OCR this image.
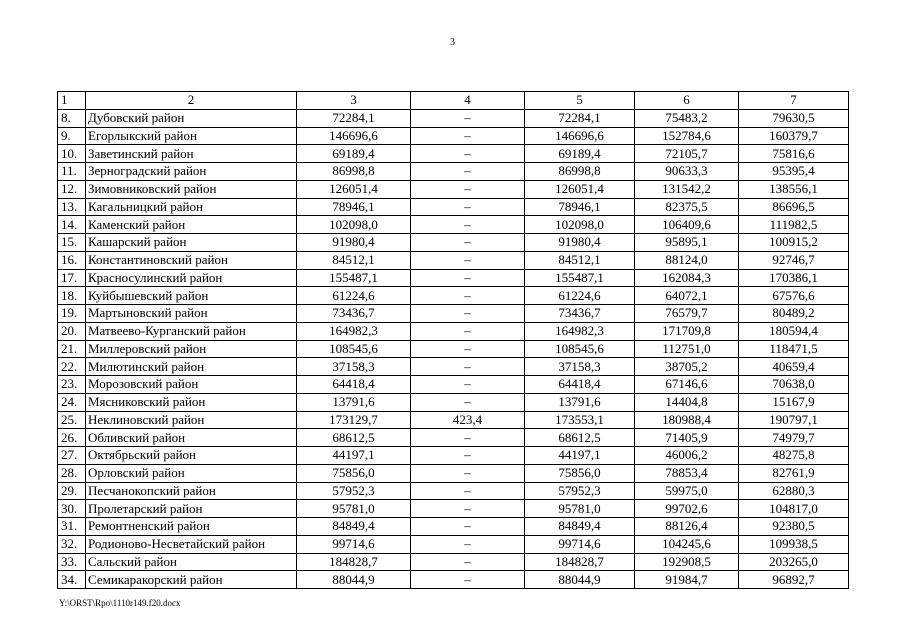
3
1	2	3	4	5	6	7
8.	Дубовский район	72284,1	–	72284,1	75483,2	79630,5
9.	Егорлыкский район	146696,6	–	146696,6	152784,6	160379,7
10.	Заветинский район	69189,4	–	69189,4	72105,7	75816,6
11.	Зерноградский район	86998,8	–	86998,8	90633,3	95395,4
12.	Зимовниковский район	126051,4	–	126051,4	131542,2	138556,1
13.	Кагальницкий район	78946,1	–	78946,1	82375,5	86696,5
14.	Каменский район	102098,0	–	102098,0	106409,6	111982,5
15.	Кашарский район	91980,4	–	91980,4	95895,1	100915,2
16.	Константиновский район	84512,1	–	84512,1	88124,0	92746,7
17.	Красносулинский район	155487,1	–	155487,1	162084,3	170386,1
18.	Куйбышевский район	61224,6	–	61224,6	64072,1	67576,6
19.	Мартыновский район	73436,7	–	73436,7	76579,7	80489,2
20.	Матвеево-Курганский район	164982,3	–	164982,3	171709,8	180594,4
21.	Миллеровский район	108545,6	–	108545,6	112751,0	118471,5
22.	Милютинский район	37158,3	–	37158,3	38705,2	40659,4
23.	Морозовский район	64418,4	–	64418,4	67146,6	70638,0
24.	Мясниковский район	13791,6	–	13791,6	14404,8	15167,9
25.	Неклиновский район	173129,7	423,4	173553,1	180988,4	190797,1
26.	Обливский район	68612,5	–	68612,5	71405,9	74979,7
27.	Октябрьский район	44197,1	–	44197,1	46006,2	48275,8
28.	Орловский район	75856,0	–	75856,0	78853,4	82761,9
29.	Песчанокопский район	57952,3	–	57952,3	59975,0	62880,3
30.	Пролетарский район	95781,0	–	95781,0	99702,6	104817,0
31.	Ремонтненский район	84849,4	–	84849,4	88126,4	92380,5
32.	Родионово-Несветайский район	99714,6	–	99714,6	104245,6	109938,5
33.	Сальский район	184828,7	–	184828,7	192908,5	203265,0
34.	Семикаракорский район	88044,9	–	88044,9	91984,7	96892,7
Y:\ORST\Rpo\1110r149.f20.docx
